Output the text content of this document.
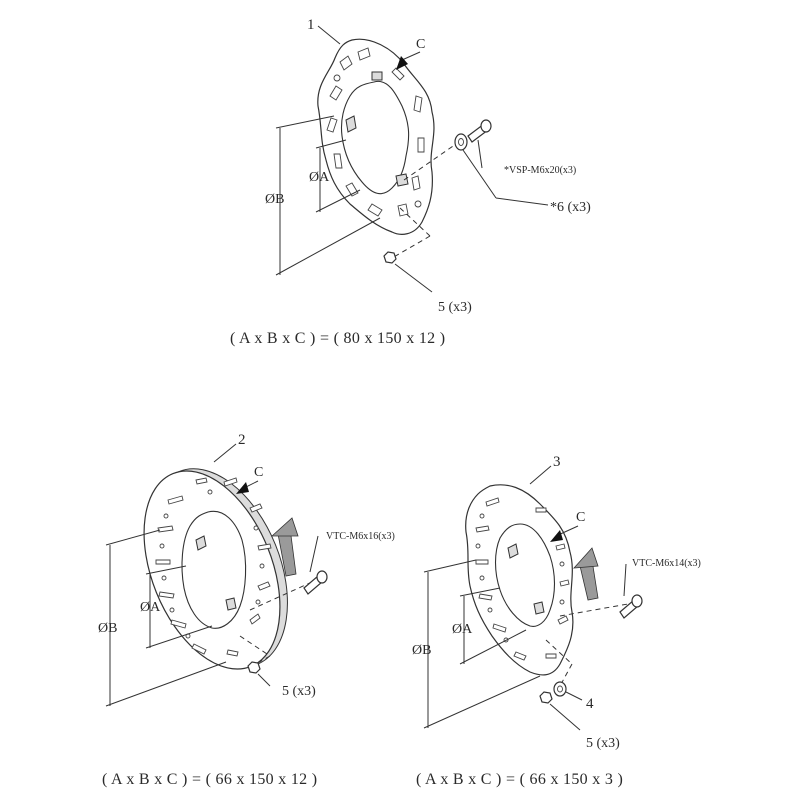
1
C
ØB
ØA	*VSP-M6x20(x3)
*6 (x3)
5 (x3)
( A x B x C ) = ( 80 x 150 x 12 )
2
C
ØB
ØA
VTC-M6x16(x3)
5 (x3)
( A x B x C ) = ( 66 x 150 x 12 )
3
C
ØB
ØA
VTC-M6x14(x3)
4
5 (x3)
( A x B x C ) = ( 66 x 150 x 3 )
